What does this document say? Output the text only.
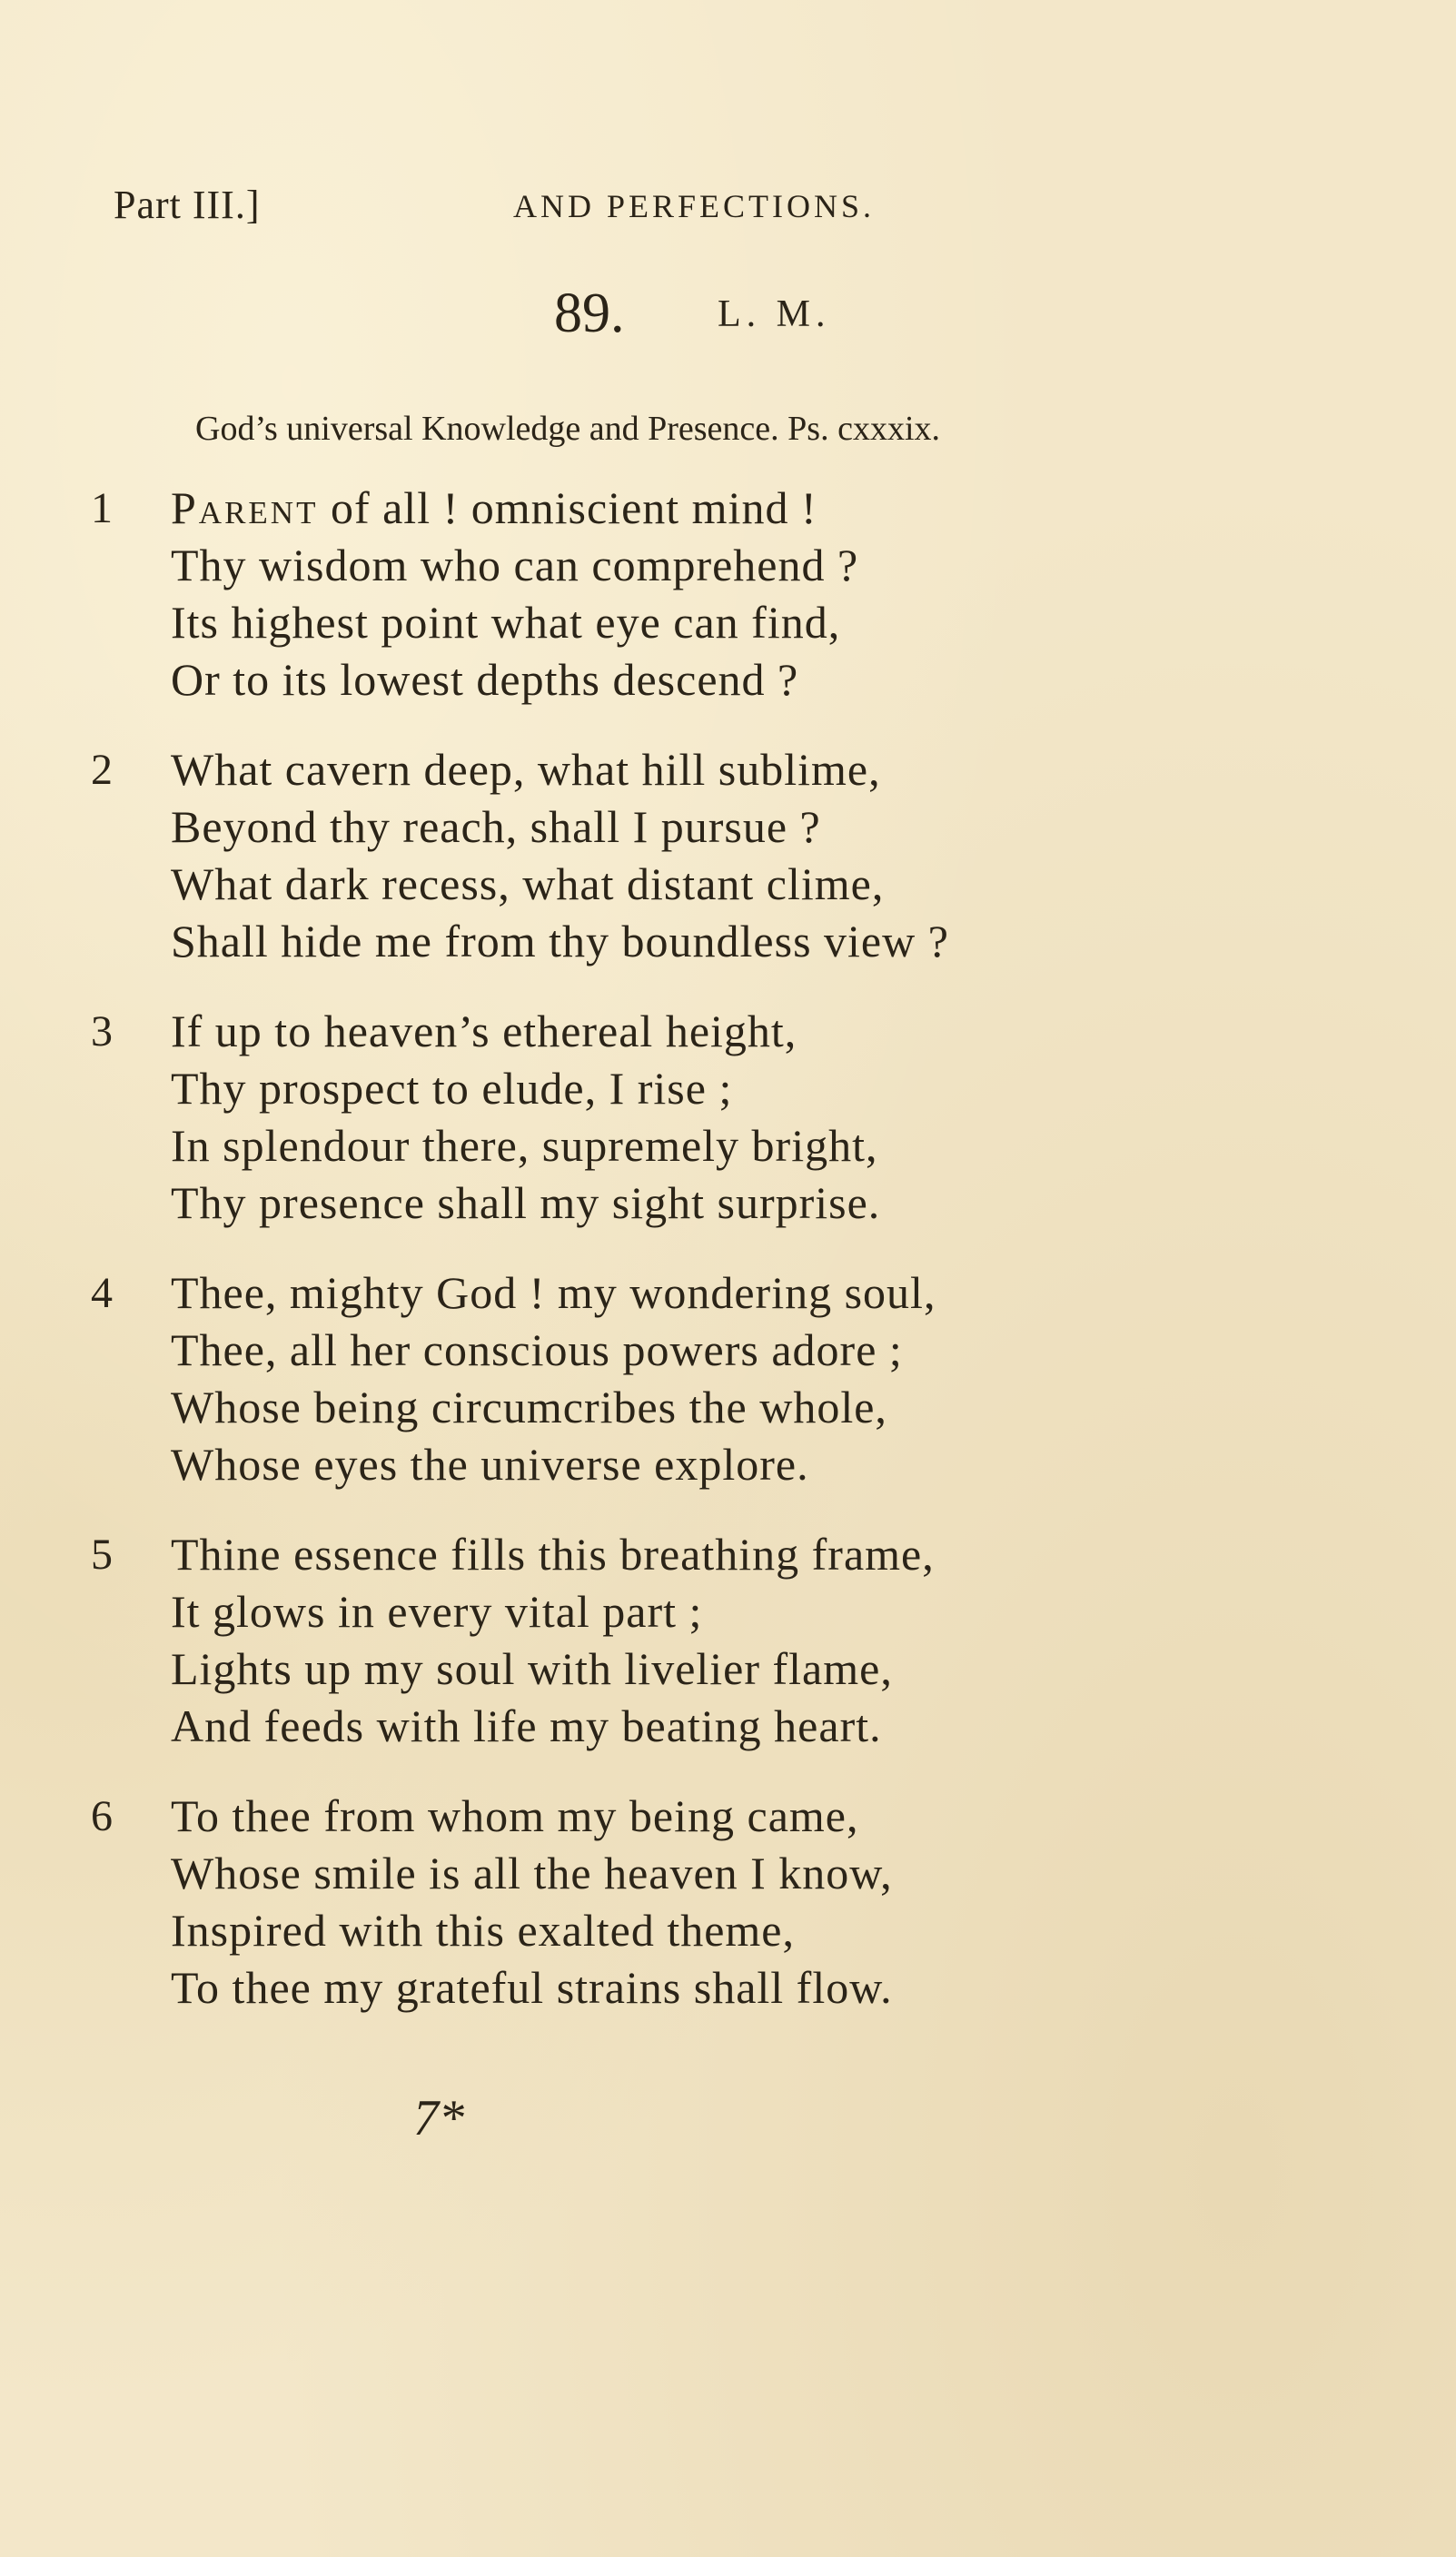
Part III.]	AND PERFECTIONS.
89. L. M.
God’s universal Knowledge and Presence. Ps. cxxxix.
1	Parent of all ! omniscient mind !
Thy wisdom who can comprehend ?
Its highest point what eye can find,
Or to its lowest depths descend ?
2	What cavern deep, what hill sublime,
Beyond thy reach, shall I pursue ?
What dark recess, what distant clime,
Shall hide me from thy boundless view ?
3	If up to heaven’s ethereal height,
Thy prospect to elude, I rise ;
In splendour there, supremely bright,
Thy presence shall my sight surprise.
4	Thee, mighty God ! my wondering soul,
Thee, all her conscious powers adore ;
Whose being circumcribes the whole,
Whose eyes the universe explore.
5	Thine essence fills this breathing frame,
It glows in every vital part ;
Lights up my soul with livelier flame,
And feeds with life my beating heart.
6	To thee from whom my being came,
Whose smile is all the heaven I know,
Inspired with this exalted theme,
To thee my grateful strains shall flow.
7*
